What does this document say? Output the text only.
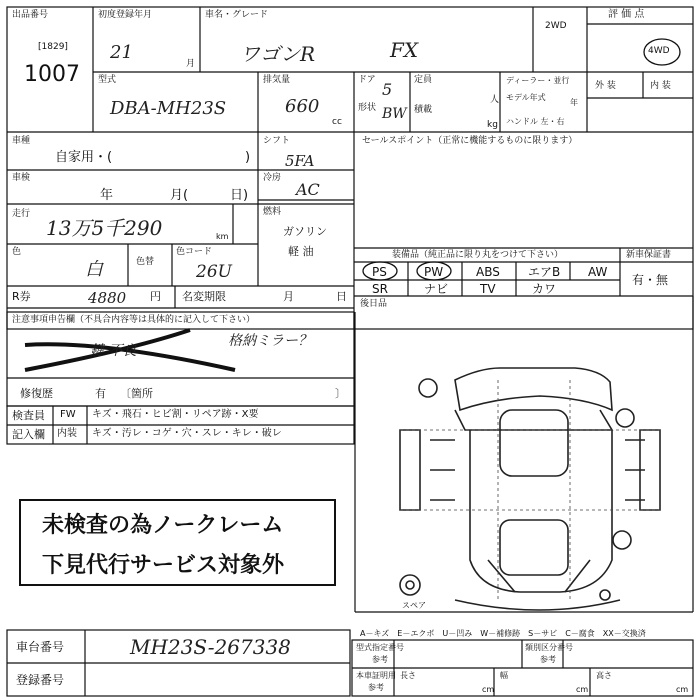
出品番号
[1829]
1007
初度登録年月
21
月
車名・グレード
ワゴンR	FX
2WD
4WD
評 価 点
外 装	内 装
型式
DBA-MH23S
排気量
660
cc
ドア 5
形状 BW
定員
人
積載
kg
ディーラー・並行
モデル年式
年
ハンドル 左・右
車種
自家用・(	)
シフト
5FA
セールスポイント（正常に機能するものに限ります）
車検
年	月(	日)
冷房
AC
走行
13万5千290	km
燃料
ガソリン
軽 油
色
白	色替
色コード
26U
装備品（純正品に限り丸をつけて下さい）	新車保証書
有・無
PS	PW	ABS エアB AW
SR	ナビ	TV	カワ
後日品
R券	4880 円 名変期限	月	日
注意事項申告欄（不具合内容等は具体的に記入して下さい）
鍵 不良
格納ミラー？
修復歴	有 〔箇所	〕
検査員
記入欄
FW キズ・飛石・ヒビ割・リペア跡・X要
内装 キズ・汚レ・コゲ・穴・スレ・キレ・破レ
未検査の為ノークレーム
下見代行サービス対象外
スペア
車台番号	MH23S-267338
登録番号
A－キズ　E－エクボ　U－凹み　W－補修跡　S－サビ　C－腐食　XX－交換済
型式指定番号
参考
類別区分番号
参考
本車証明用
参考
長さ
cm
幅
cm
高さ
cm
